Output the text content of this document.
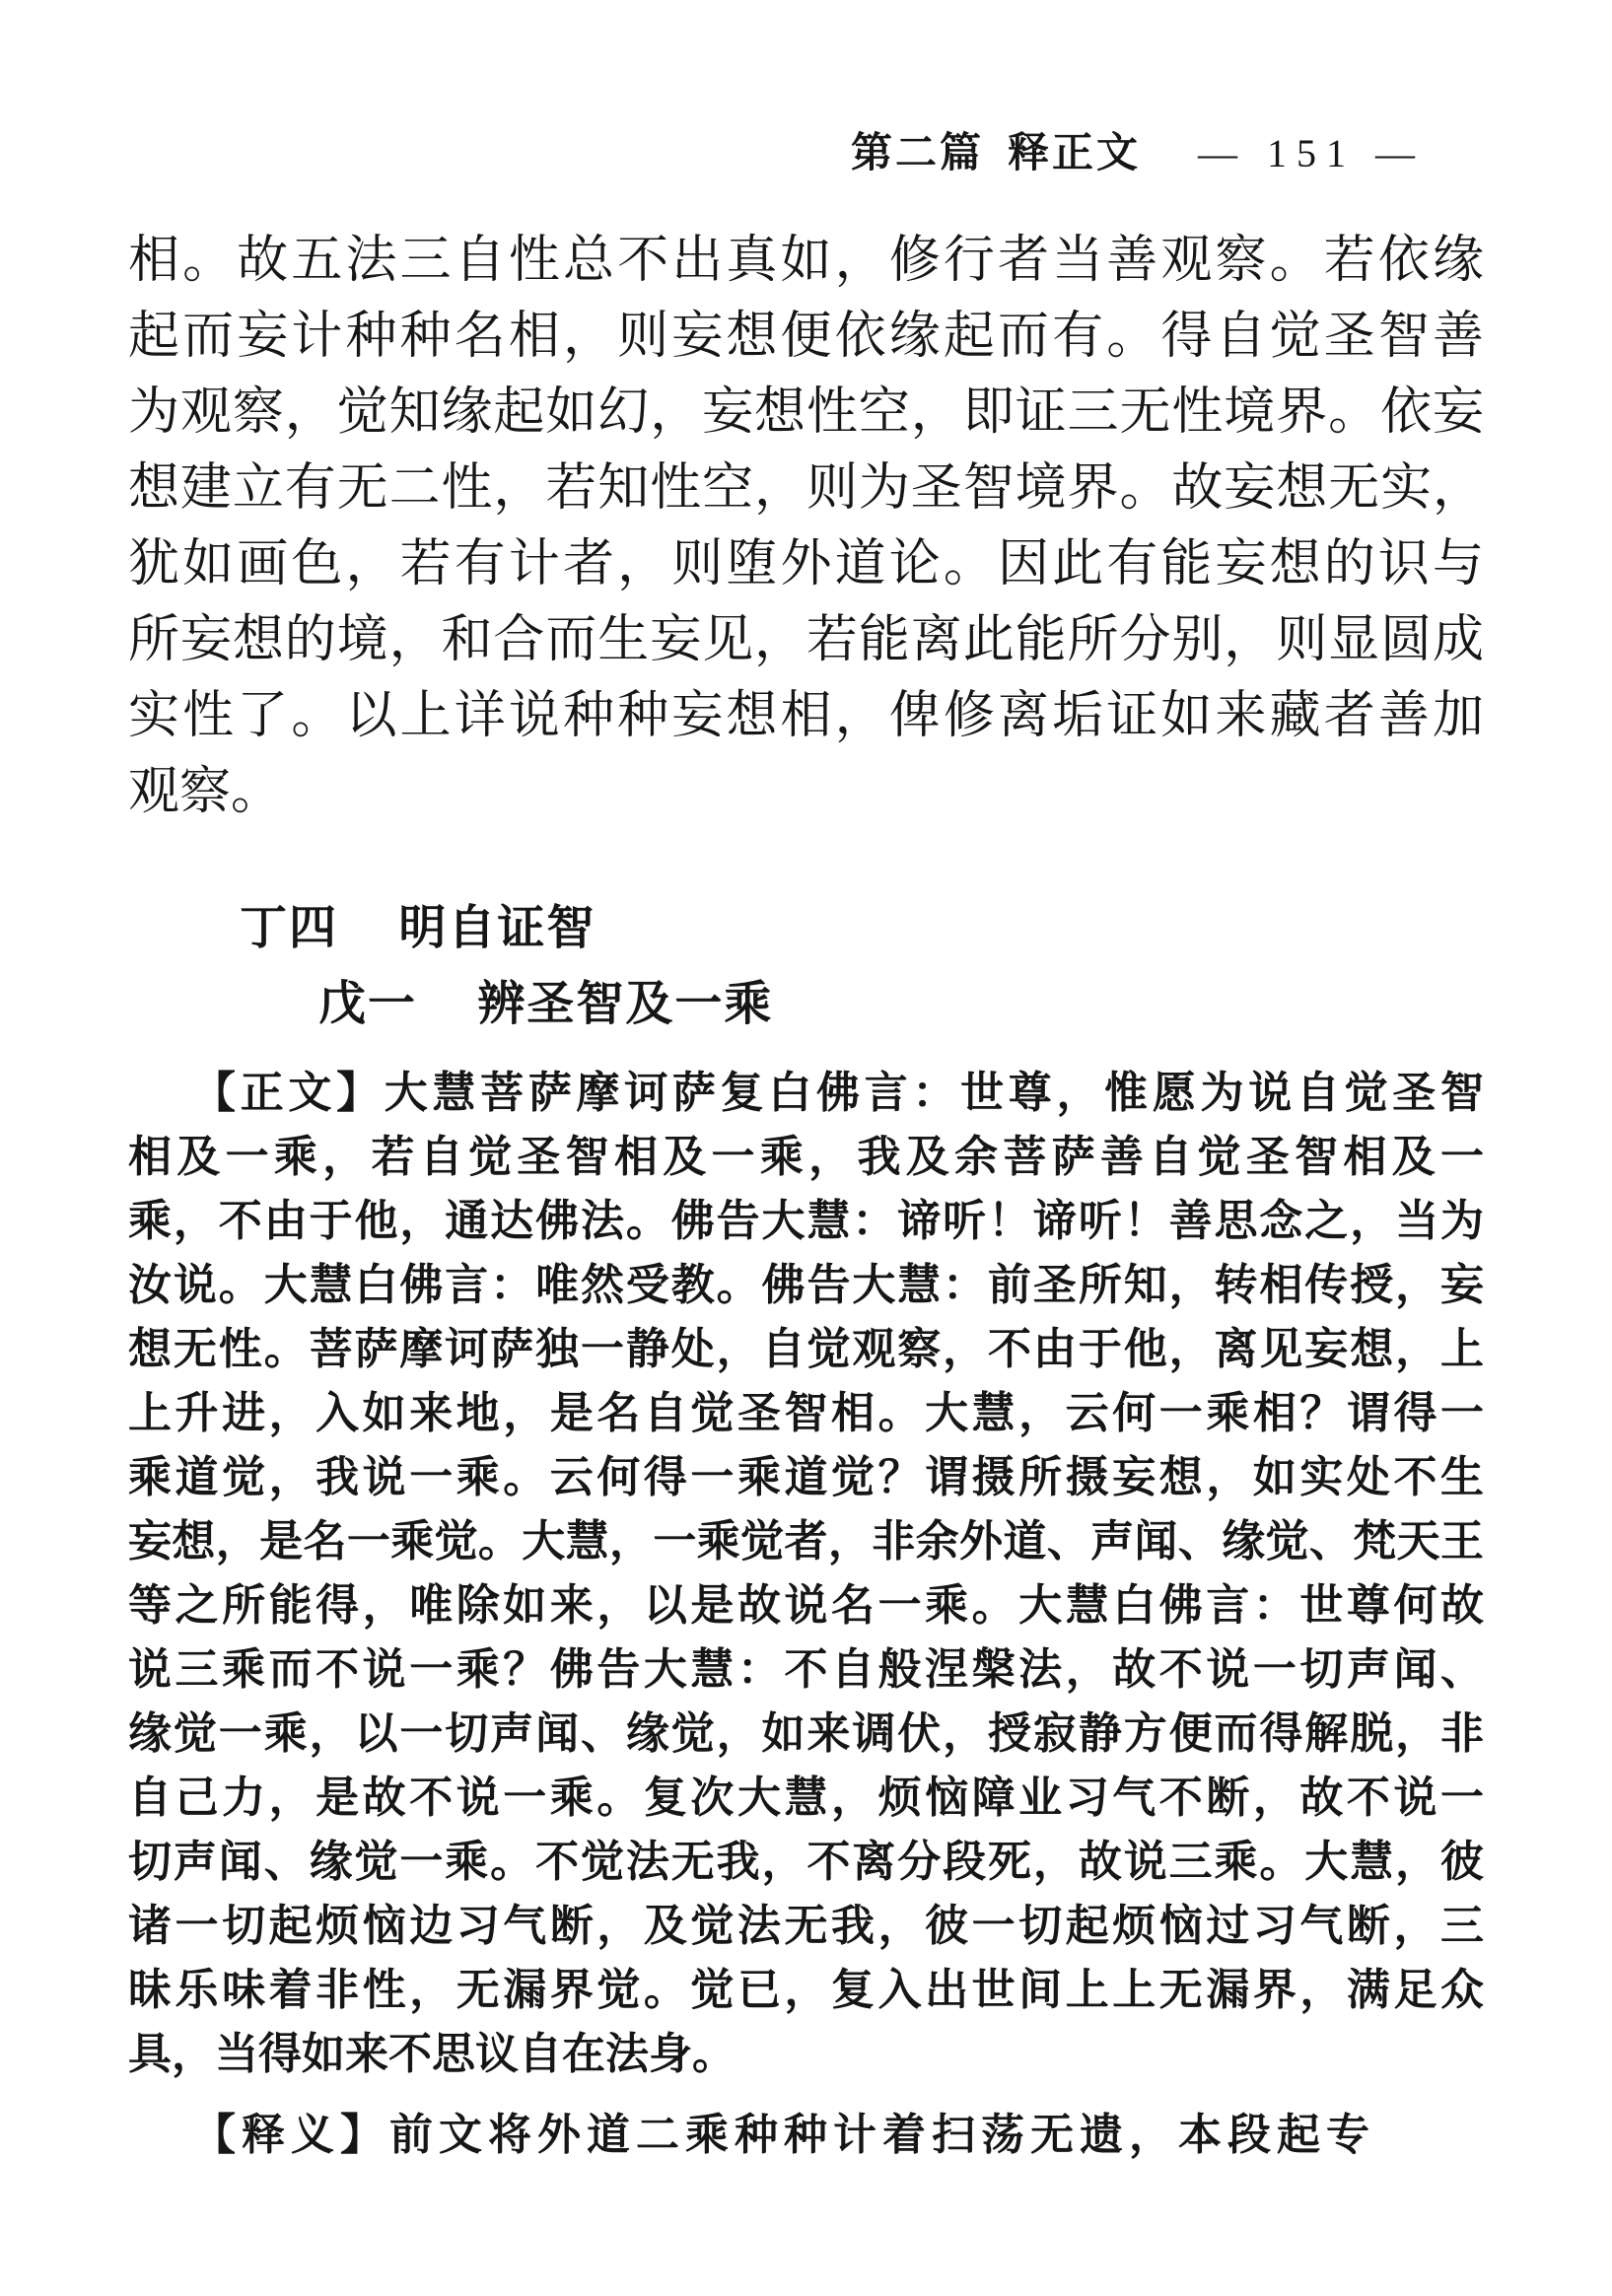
第二篇 释正文 — 151 —
相。故五法三自性总不出真如，修行者当善观察。若依缘
起而妄计种种名相，则妄想便依缘起而有。得自觉圣智善
为观察，觉知缘起如幻，妄想性空，即证三无性境界。依妄
想建立有无二性，若知性空，则为圣智境界。故妄想无实，
犹如画色，若有计者，则堕外道论。因此有能妄想的识与
所妄想的境，和合而生妄见，若能离此能所分别，则显圆成
实性了。以上详说种种妄想相，俾修离垢证如来藏者善加
观察。
丁四 明自证智
戊一 辨圣智及一乘
【正文】大慧菩萨摩诃萨复白佛言：世尊，惟愿为说自觉圣智
相及一乘，若自觉圣智相及一乘，我及余菩萨善自觉圣智相及一
乘，不由于他，通达佛法。佛告大慧：谛听！谛听！善思念之，当为
汝说。大慧白佛言：唯然受教。佛告大慧：前圣所知，转相传授，妄
想无性。菩萨摩诃萨独一静处，自觉观察，不由于他，离见妄想，上
上升进，入如来地，是名自觉圣智相。大慧，云何一乘相？谓得一
乘道觉，我说一乘。云何得一乘道觉？谓摄所摄妄想，如实处不生
妄想，是名一乘觉。大慧，一乘觉者，非余外道、声闻、缘觉、梵天王
等之所能得，唯除如来，以是故说名一乘。大慧白佛言：世尊何故
说三乘而不说一乘？佛告大慧：不自般涅槃法，故不说一切声闻、
缘觉一乘，以一切声闻、缘觉，如来调伏，授寂静方便而得解脱，非
自己力，是故不说一乘。复次大慧，烦恼障业习气不断，故不说一
切声闻、缘觉一乘。不觉法无我，不离分段死，故说三乘。大慧，彼
诸一切起烦恼边习气断，及觉法无我，彼一切起烦恼过习气断，三
昧乐味着非性，无漏界觉。觉已，复入出世间上上无漏界，满足众
具，当得如来不思议自在法身。
【释义】前文将外道二乘种种计着扫荡无遗，本段起专
